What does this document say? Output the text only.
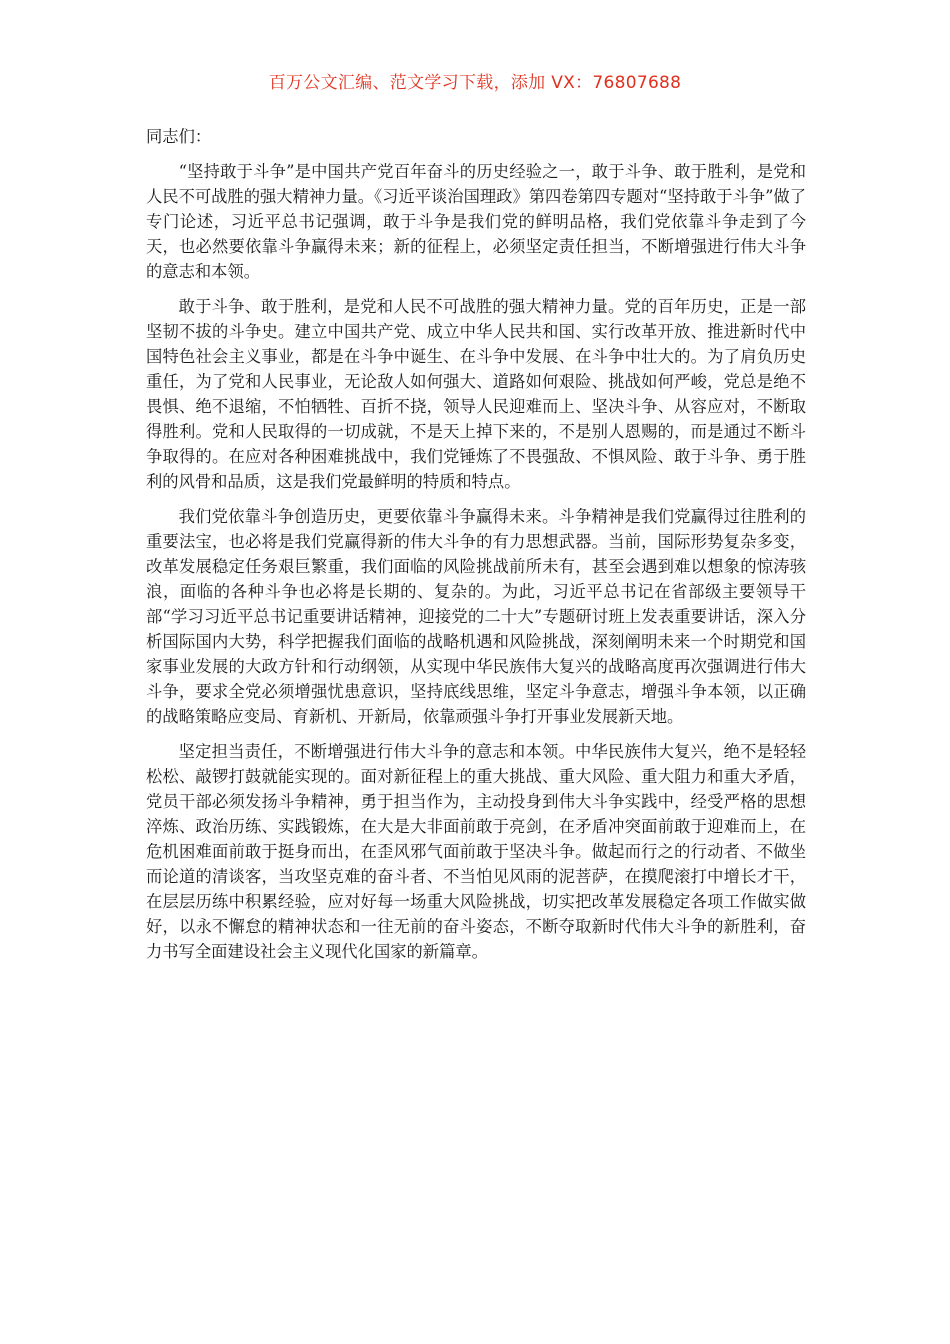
百万公文汇编、范文学习下载，添加 VX：76807688

同志们：

“坚持敢于斗争”是中国共产党百年奋斗的历史经验之一，敢于斗争、敢于胜利，是党和人民不可战胜的强大精神力量。《习近平谈治国理政》第四卷第四专题对“坚持敢于斗争”做了专门论述，习近平总书记强调，敢于斗争是我们党的鲜明品格，我们党依靠斗争走到了今天，也必然要依靠斗争赢得未来；新的征程上，必须坚定责任担当，不断增强进行伟大斗争的意志和本领。

敢于斗争、敢于胜利，是党和人民不可战胜的强大精神力量。党的百年历史，正是一部坚韧不拔的斗争史。建立中国共产党、成立中华人民共和国、实行改革开放、推进新时代中国特色社会主义事业，都是在斗争中诞生、在斗争中发展、在斗争中壮大的。为了肩负历史重任，为了党和人民事业，无论敌人如何强大、道路如何艰险、挑战如何严峻，党总是绝不畏惧、绝不退缩，不怕牺牲、百折不挠，领导人民迎难而上、坚决斗争、从容应对，不断取得胜利。党和人民取得的一切成就，不是天上掉下来的，不是别人恩赐的，而是通过不断斗争取得的。在应对各种困难挑战中，我们党锤炼了不畏强敌、不惧风险、敢于斗争、勇于胜利的风骨和品质，这是我们党最鲜明的特质和特点。

我们党依靠斗争创造历史，更要依靠斗争赢得未来。斗争精神是我们党赢得过往胜利的重要法宝，也必将是我们党赢得新的伟大斗争的有力思想武器。当前，国际形势复杂多变，改革发展稳定任务艰巨繁重，我们面临的风险挑战前所未有，甚至会遇到难以想象的惊涛骇浪，面临的各种斗争也必将是长期的、复杂的。为此，习近平总书记在省部级主要领导干部“学习习近平总书记重要讲话精神，迎接党的二十大”专题研讨班上发表重要讲话，深入分析国际国内大势，科学把握我们面临的战略机遇和风险挑战，深刻阐明未来一个时期党和国家事业发展的大政方针和行动纲领，从实现中华民族伟大复兴的战略高度再次强调进行伟大斗争，要求全党必须增强忧患意识，坚持底线思维，坚定斗争意志，增强斗争本领，以正确的战略策略应变局、育新机、开新局，依靠顽强斗争打开事业发展新天地。

坚定担当责任，不断增强进行伟大斗争的意志和本领。中华民族伟大复兴，绝不是轻轻松松、敲锣打鼓就能实现的。面对新征程上的重大挑战、重大风险、重大阻力和重大矛盾，党员干部必须发扬斗争精神，勇于担当作为，主动投身到伟大斗争实践中，经受严格的思想淬炼、政治历练、实践锻炼，在大是大非面前敢于亮剑，在矛盾冲突面前敢于迎难而上，在危机困难面前敢于挺身而出，在歪风邪气面前敢于坚决斗争。做起而行之的行动者、不做坐而论道的清谈客，当攻坚克难的奋斗者、不当怕见风雨的泥菩萨，在摸爬滚打中增长才干，在层层历练中积累经验，应对好每一场重大风险挑战，切实把改革发展稳定各项工作做实做好，以永不懈怠的精神状态和一往无前的奋斗姿态，不断夺取新时代伟大斗争的新胜利，奋力书写全面建设社会主义现代化国家的新篇章。
